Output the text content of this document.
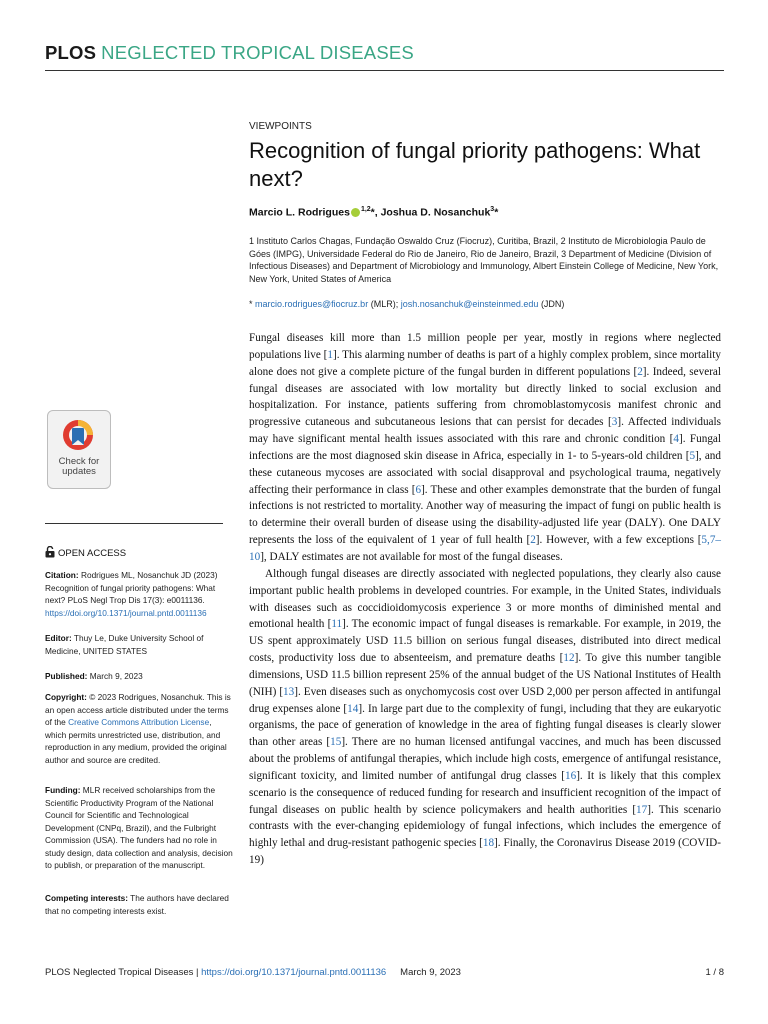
PLOS NEGLECTED TROPICAL DISEASES
VIEWPOINTS
Recognition of fungal priority pathogens: What next?
Marcio L. Rodrigues $^{1,2}$*, Joshua D. Nosanchuk$^3$*

1 Instituto Carlos Chagas, Fundação Oswaldo Cruz (Fiocruz), Curitiba, Brazil, 2 Instituto de Microbiologia Paulo de Góes (IMPG), Universidade Federal do Rio de Janeiro, Rio de Janeiro, Brazil, 3 Department of Medicine (Division of Infectious Diseases) and Department of Microbiology and Immunology, Albert Einstein College of Medicine, New York, New York, United States of America

* marcio.rodrigues@fiocruz.br (MLR); josh.nosanchuk@einsteinmed.edu (JDN)
Check for updates
OPEN ACCESS

Citation: Rodrigues ML, Nosanchuk JD (2023) Recognition of fungal priority pathogens: What next? PLoS Negl Trop Dis 17(3): e0011136. https://doi.org/10.1371/journal.pntd.0011136

Editor: Thuy Le, Duke University School of Medicine, UNITED STATES

Published: March 9, 2023

Copyright: © 2023 Rodrigues, Nosanchuk. This is an open access article distributed under the terms of the Creative Commons Attribution License, which permits unrestricted use, distribution, and reproduction in any medium, provided the original author and source are credited.

Funding: MLR received scholarships from the Scientific Productivity Program of the National Council for Scientific and Technological Development (CNPq, Brazil), and the Fulbright Commission (USA). The funders had no role in study design, data collection and analysis, decision to publish, or preparation of the manuscript.

Competing interests: The authors have declared that no competing interests exist.

Fungal diseases kill more than 1.5 million people per year, mostly in regions where neglected populations live [1]. This alarming number of deaths is part of a highly complex problem, since mortality alone does not give a complete picture of the fungal burden in different populations [2]. Indeed, several fungal diseases are associated with low mortality but directly linked to social exclusion and hospitalization. For instance, patients suffering from chromoblastomycosis manifest chronic and progressive cutaneous and subcutaneous lesions that can persist for decades [3]. Affected individuals may have significant mental health issues associated with this rare and chronic condition [4]. Fungal infections are the most diagnosed skin disease in Africa, especially in 1- to 5-years-old children [5], and these cutaneous mycoses are associated with social disapproval and psychological trauma, negatively affecting their performance in class [6]. These and other examples demonstrate that the burden of fungal infections is not restricted to mortality. Another way of measuring the impact of fungi on public health is to determine their overall burden of disease using the disability-adjusted life year (DALY). One DALY represents the loss of the equivalent of 1 year of full health [2]. However, with a few exceptions [5,7–10], DALY estimates are not available for most of the fungal diseases.

Although fungal diseases are directly associated with neglected populations, they clearly also cause important public health problems in developed countries. For example, in the United States, individuals with diseases such as coccidioidomycosis experience 3 or more months of diminished mental and emotional health [11]. The economic impact of fungal diseases is remarkable. For example, in 2019, the US spent approximately USD 11.5 billion on serious fungal diseases, distributed into direct medical costs, productivity loss due to absenteeism, and premature deaths [12]. To give this number tangible dimensions, USD 11.5 billion represent 25% of the annual budget of the US National Institutes of Health (NIH) [13]. Even diseases such as onychomycosis cost over USD 2,000 per person affected in antifungal drug expenses alone [14]. In large part due to the complexity of fungi, including that they are eukaryotic organisms, the pace of generation of knowledge in the area of fighting fungal diseases is clearly slower than other areas [15]. There are no human licensed antifungal vaccines, and much has been discussed about the problems of antifungal therapies, which include high costs, emergence of antifungal resistance, significant toxicity, and limited number of antifungal drug classes [16]. It is likely that this complex scenario is the consequence of reduced funding for research and insufficient recognition of the impact of fungal diseases on public health by science policymakers and health authorities [17]. This scenario contrasts with the ever-changing epidemiology of fungal infections, which includes the emergence of highly lethal and drug-resistant pathogenic species [18]. Finally, the Coronavirus Disease 2019 (COVID-19)

PLOS Neglected Tropical Diseases | https://doi.org/10.1371/journal.pntd.0011136 March 9, 2023	1 / 8
